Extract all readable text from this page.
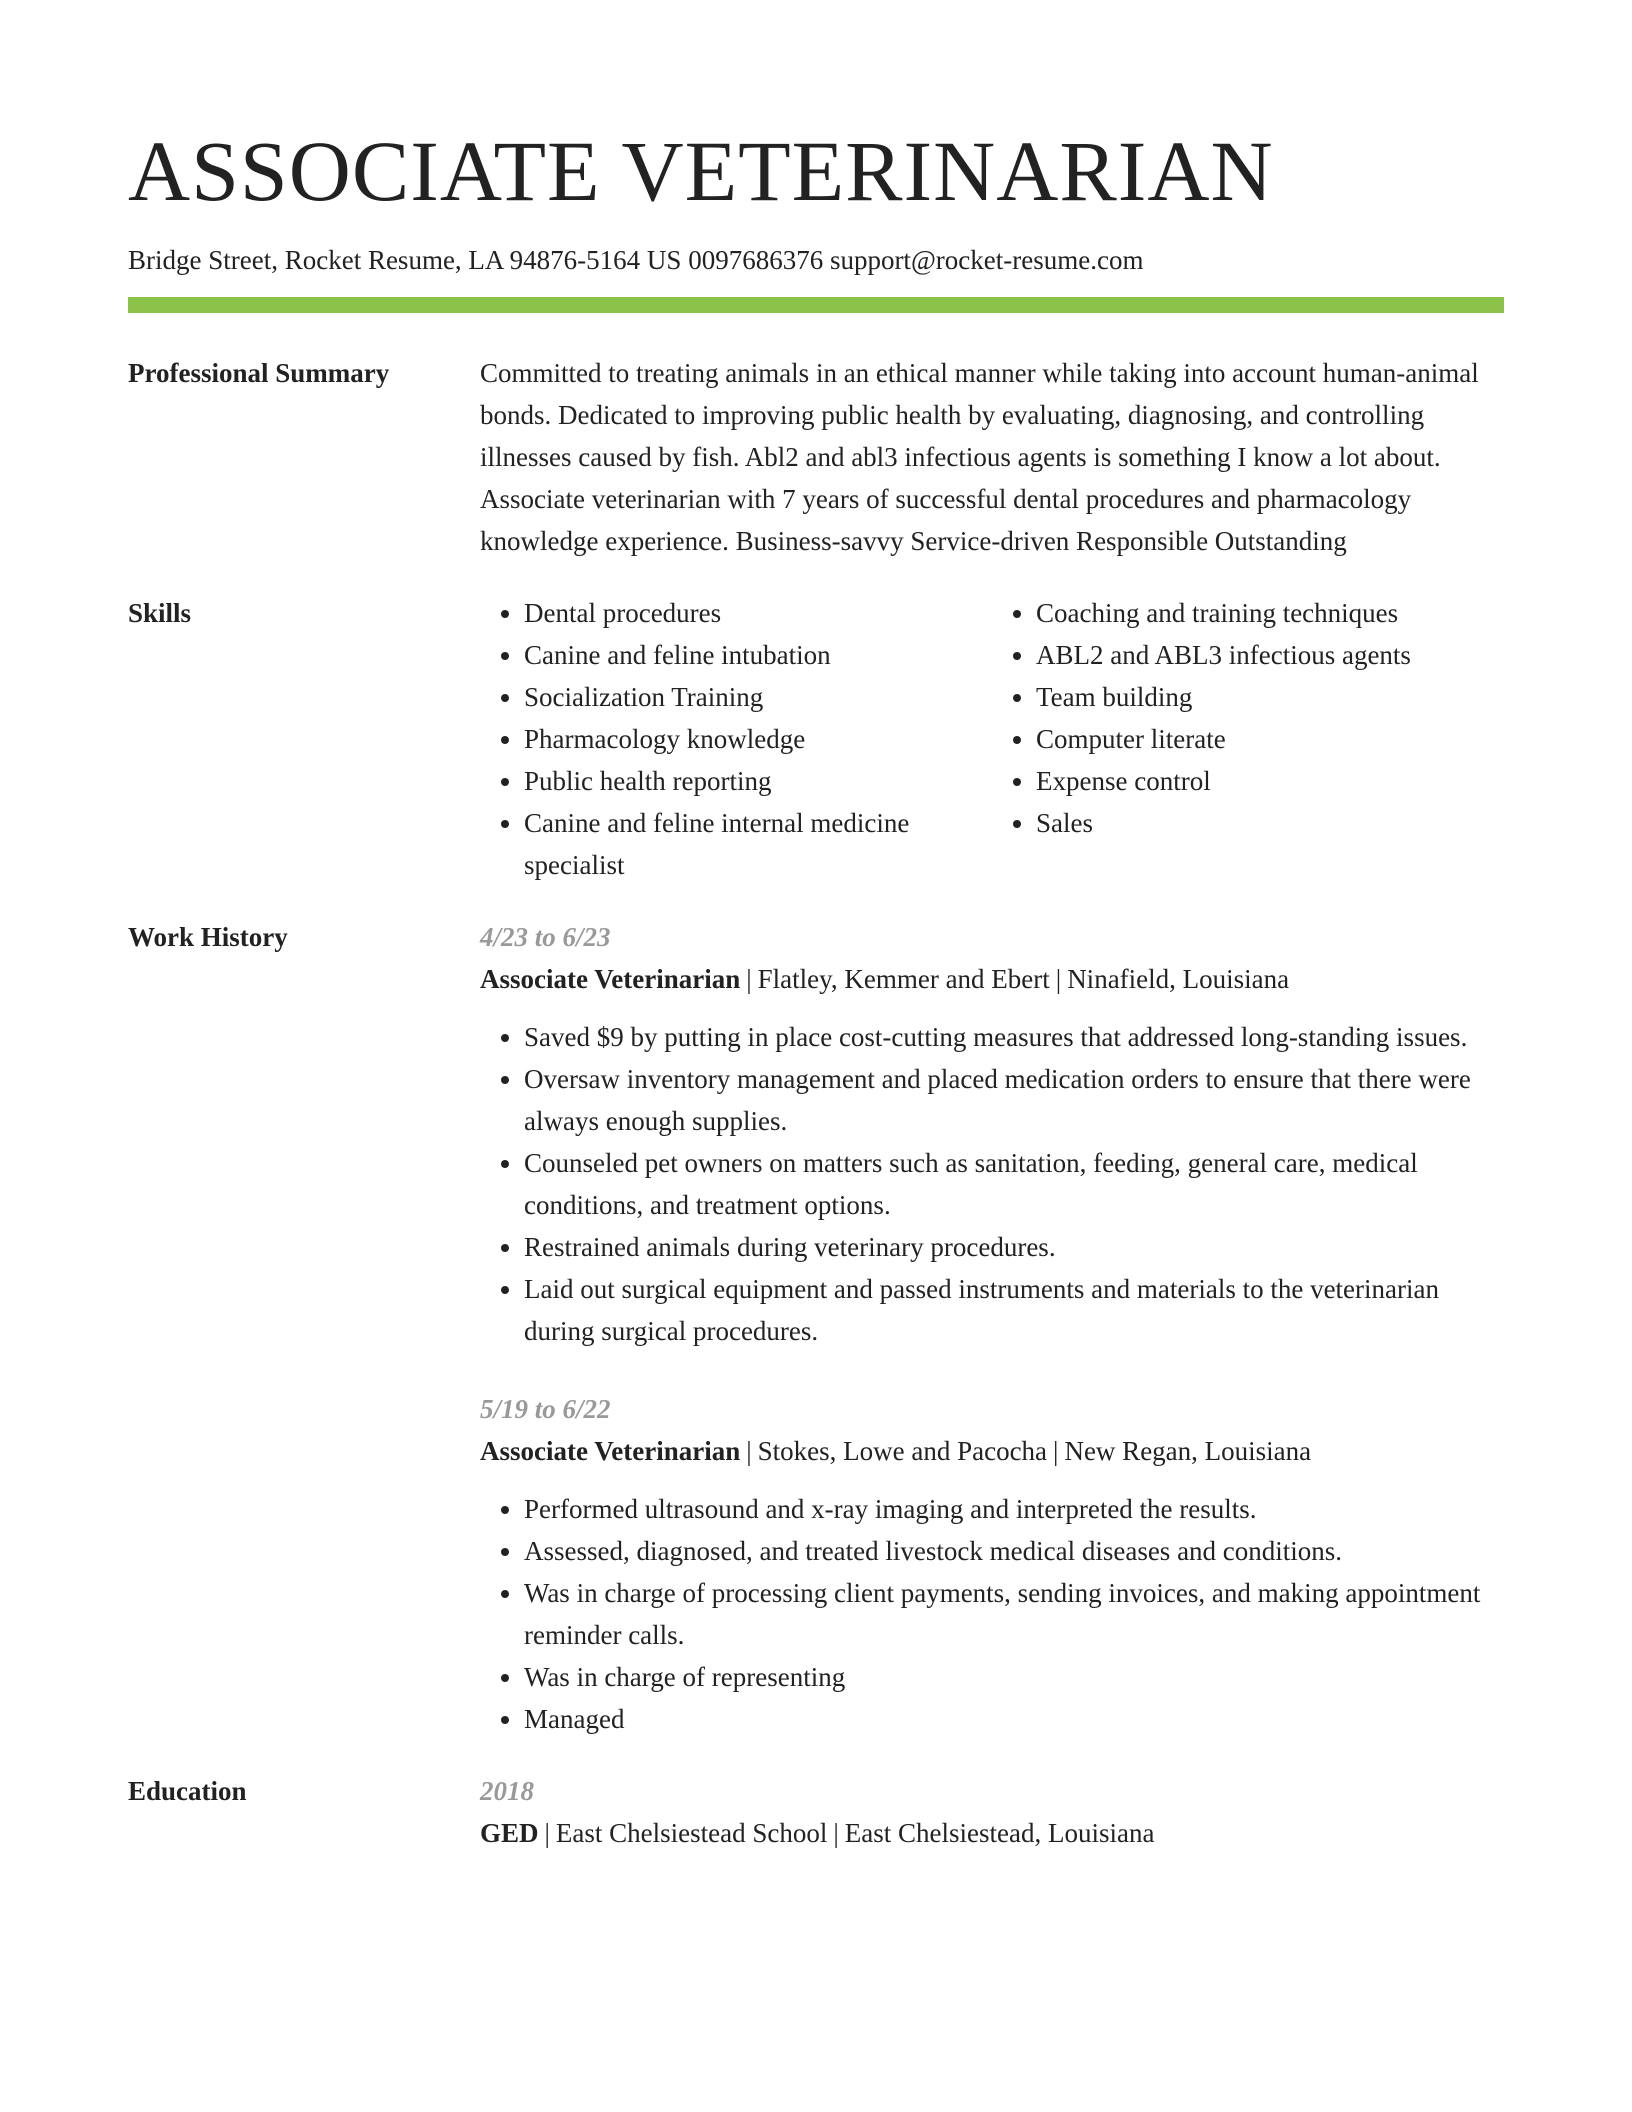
ASSOCIATE VETERINARIAN
Bridge Street, Rocket Resume, LA 94876-5164 US 0097686376 support@rocket-resume.com
Professional Summary	Committed to treating animals in an ethical manner while taking into account human-animal bonds. Dedicated to improving public health by evaluating, diagnosing, and controlling illnesses caused by fish. Abl2 and abl3 infectious agents is something I know a lot about. Associate veterinarian with 7 years of successful dental procedures and pharmacology knowledge experience. Business-savvy Service-driven Responsible Outstanding

Skills
•	Dental procedures
• Canine and feline intubation
• Socialization Training
• Pharmacology knowledge
• Public health reporting
• Canine and feline internal medicine specialist
• Coaching and training techniques
• ABL2 and ABL3 infectious agents
• Team building
• Computer literate
• Expense control
• Sales
Work History	4/23 to 6/23
Associate Veterinarian | Flatley, Kemmer and Ebert | Ninafield, Louisiana
• Saved $9 by putting in place cost-cutting measures that addressed long-standing issues.
• Oversaw inventory management and placed medication orders to ensure that there were always enough supplies.
• Counseled pet owners on matters such as sanitation, feeding, general care, medical conditions, and treatment options.
• Restrained animals during veterinary procedures.
• Laid out surgical equipment and passed instruments and materials to the veterinarian during surgical procedures.
5/19 to 6/22
Associate Veterinarian | Stokes, Lowe and Pacocha | New Regan, Louisiana
• Performed ultrasound and x-ray imaging and interpreted the results.
• Assessed, diagnosed, and treated livestock medical diseases and conditions.
• Was in charge of processing client payments, sending invoices, and making appointment reminder calls.
• Was in charge of representing
• Managed
Education	2018
GED | East Chelsiestead School | East Chelsiestead, Louisiana
